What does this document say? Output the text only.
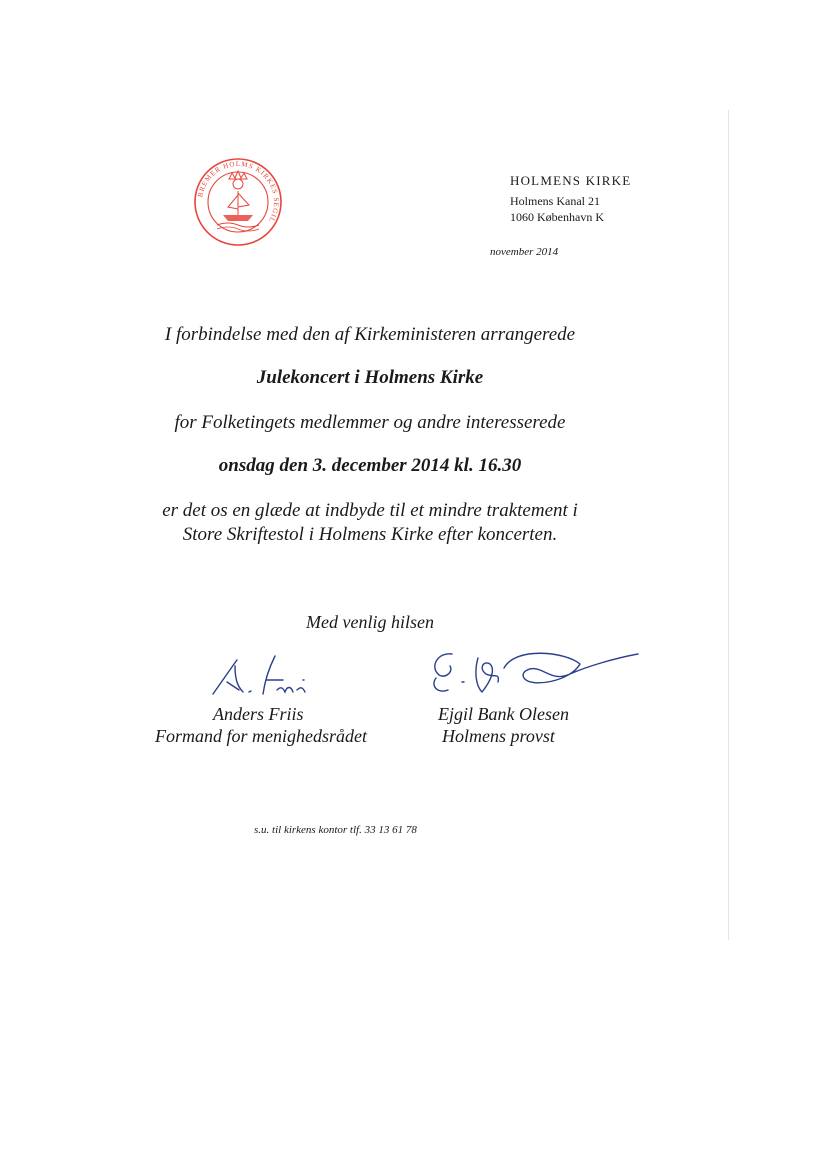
BREMER HOLMS KIRKES SEGIL
HOLMENS KIRKE
Holmens Kanal 21
1060 København K
november 2014
I forbindelse med den af Kirkeministeren arrangerede
Julekoncert i Holmens Kirke
for Folketingets medlemmer og andre interesserede
onsdag den 3. december 2014 kl. 16.30
er det os en glæde at indbyde til et mindre traktement i
Store Skriftestol i Holmens Kirke efter koncerten.
Med venlig hilsen
Anders Friis
Formand for menighedsrådet
Ejgil Bank Olesen
Holmens provst
s.u. til kirkens kontor tlf. 33 13 61 78
